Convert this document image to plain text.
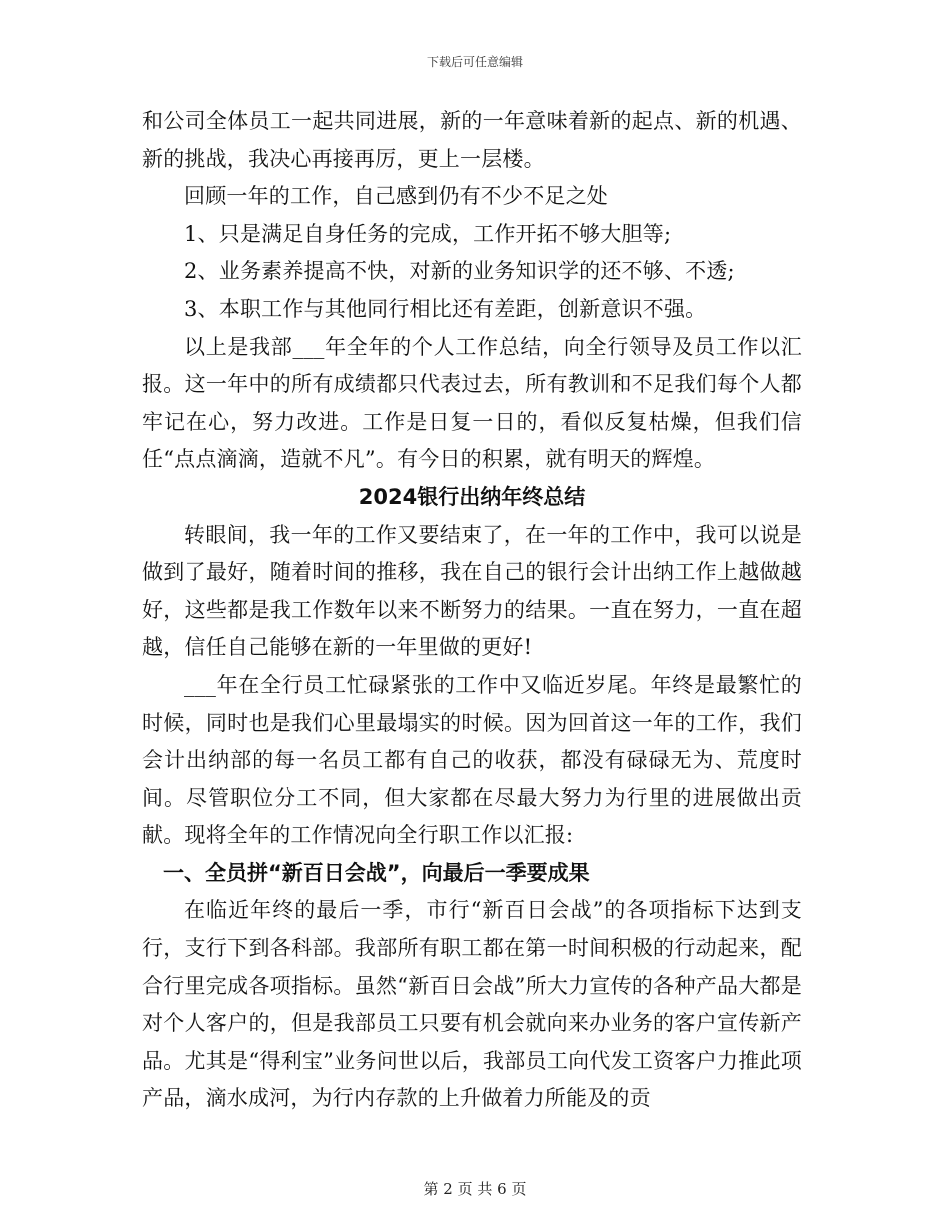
下载后可任意编辑

和公司全体员工一起共同进展，新的一年意味着新的起点、新的机遇、新的挑战，我决心再接再厉，更上一层楼。

回顾一年的工作，自己感到仍有不少不足之处

1、只是满足自身任务的完成，工作开拓不够大胆等;

2、业务素养提高不快，对新的业务知识学的还不够、不透;

3、本职工作与其他同行相比还有差距，创新意识不强。

以上是我部___年全年的个人工作总结，向全行领导及员工作以汇报。这一年中的所有成绩都只代表过去，所有教训和不足我们每个人都牢记在心，努力改进。工作是日复一日的，看似反复枯燥，但我们信任“点点滴滴，造就不凡”。有今日的积累，就有明天的辉煌。

2024银行出纳年终总结

转眼间，我一年的工作又要结束了，在一年的工作中，我可以说是做到了最好，随着时间的推移，我在自己的银行会计出纳工作上越做越好，这些都是我工作数年以来不断努力的结果。一直在努力，一直在超越，信任自己能够在新的一年里做的更好!

___年在全行员工忙碌紧张的工作中又临近岁尾。年终是最繁忙的时候，同时也是我们心里最塌实的时候。因为回首这一年的工作，我们会计出纳部的每一名员工都有自己的收获，都没有碌碌无为、荒度时间。尽管职位分工不同，但大家都在尽最大努力为行里的进展做出贡献。现将全年的工作情况向全行职工作以汇报:

一、全员拼“新百日会战”，向最后一季要成果

在临近年终的最后一季，市行“新百日会战”的各项指标下达到支行，支行下到各科部。我部所有职工都在第一时间积极的行动起来，配合行里完成各项指标。虽然“新百日会战”所大力宣传的各种产品大都是对个人客户的，但是我部员工只要有机会就向来办业务的客户宣传新产品。尤其是“得利宝”业务问世以后，我部员工向代发工资客户力推此项产品，滴水成河，为行内存款的上升做着力所能及的贡

第 2 页 共 6 页
